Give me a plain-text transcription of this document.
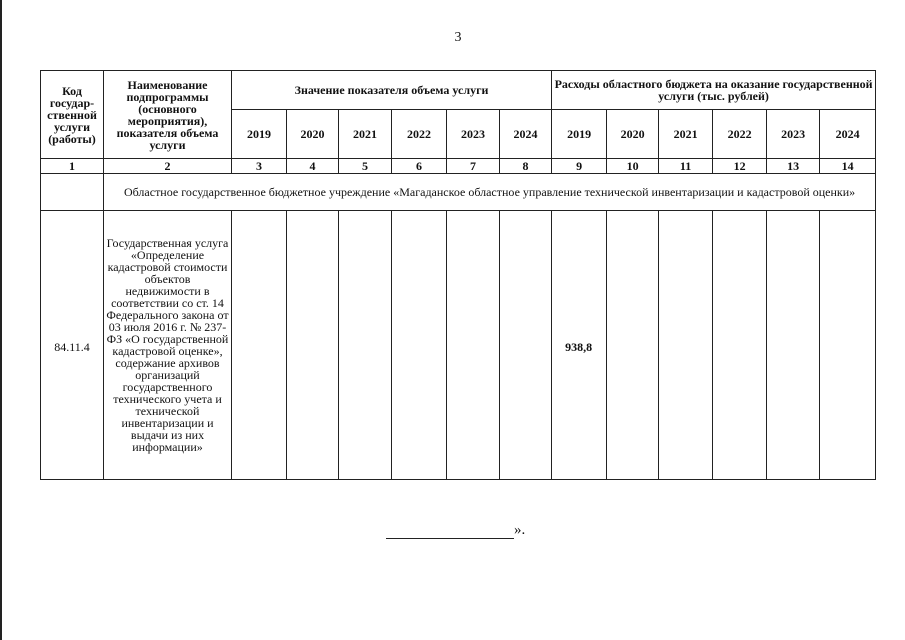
3
Код государ-ственной услуги (работы)	Наименование подпрограммы (основного мероприятия), показателя объема услуги	Значение показателя объема услуги						Расходы областного бюджета на оказание государственной услуги (тыс. рублей)					
		2019	2020	2021	2022	2023	2024	2019	2020	2021	2022	2023	2024
1	2	3	4	5	6	7	8	9	10	11	12	13	14
	Областное государственное бюджетное учреждение «Магаданское областное управление технической инвентаризации и кадастровой оценки»												
84.11.4	Государственная услуга «Определение кадастровой стоимости объектов недвижимости в соответствии со ст. 14 Федерального закона от 03 июля 2016 г. № 237-ФЗ «О государственной кадастровой оценке», содержание архивов организаций государственного технического учета и технической инвентаризации и выдачи из них информации»							938,8					
».
